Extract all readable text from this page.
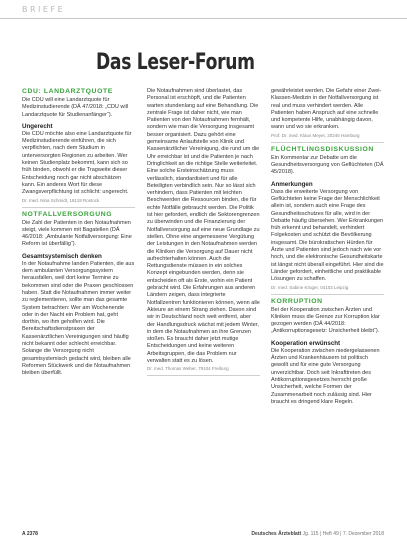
BRIEFE
Das Leser-Forum
CDU: LANDARZTQUOTE

Die CDU will eine Landarztquote für Medizinstudierende (DÄ 47/2018: „CDU will Landarztquote für Studienanfänger“).

Ungerecht

Die CDU möchte also eine Landarztquote für Medizinstudierende einführen, die sich verpflichten, nach dem Studium in unterversorgten Regionen zu arbeiten. Wer keinen Studienplatz bekommt, kann sich so früh binden, obwohl er die Tragweite dieser Entscheidung noch gar nicht abschätzen kann. Ein anderes Wort für diese Zwangsverpflichtung ist schlicht: ungerecht.

Dr. med. Nina Schmidt, 18119 Rostock
NOTFALLVERSORGUNG

Die Zahl der Patienten in den Notaufnahmen steigt, viele kommen mit Bagatellen (DÄ 46/2018: „Ambulante Notfallversorgung: Eine Reform ist überfällig“).

Gesamtsystemisch denken

In der Notaufnahme landen Patienten, die aus dem ambulanten Versorgungssystem herausfallen, weil dort keine Termine zu bekommen sind oder die Praxen geschlossen haben. Statt die Notaufnahmen immer weiter zu reglementieren, sollte man das gesamte System betrachten: Wer am Wochenende oder in der Nacht ein Problem hat, geht dorthin, wo ihm geholfen wird. Die Bereitschaftsdienstpraxen der Kassenärztlichen Vereinigungen sind häufig nicht bekannt oder schlecht erreichbar. Solange die Versorgung nicht gesamtsystemisch gedacht wird, bleiben alle Reformen Stückwerk und die Notaufnahmen bleiben überfüllt.

Die Notaufnahmen sind überlastet, das Personal ist erschöpft, und die Patienten warten stundenlang auf eine Behandlung. Die zentrale Frage ist daher nicht, wie man Patienten von den Notaufnahmen fernhält, sondern wie man die Versorgung insgesamt besser organisiert. Dazu gehört eine gemeinsame Anlaufstelle von Klinik und Kassenärztlicher Vereinigung, die rund um die Uhr erreichbar ist und die Patienten je nach Dringlichkeit an die richtige Stelle weiterleitet. Eine solche Ersteinschätzung muss verlässlich, standardisiert und für alle Beteiligten verbindlich sein. Nur so lässt sich verhindern, dass Patienten mit leichten Beschwerden die Ressourcen binden, die für echte Notfälle gebraucht werden. Die Politik ist hier gefordert, endlich die Sektorengrenzen zu überwinden und die Finanzierung der Notfallversorgung auf eine neue Grundlage zu stellen. Ohne eine angemessene Vergütung der Leistungen in den Notaufnahmen werden die Kliniken die Versorgung auf Dauer nicht aufrechterhalten können. Auch die Rettungsdienste müssen in ein solches Konzept eingebunden werden, denn sie entscheiden oft als Erste, wohin ein Patient gebracht wird. Die Erfahrungen aus anderen Ländern zeigen, dass integrierte Notfallzentren funktionieren können, wenn alle Akteure an einem Strang ziehen. Davon sind wir in Deutschland noch weit entfernt, aber der Handlungsdruck wächst mit jedem Winter, in dem die Notaufnahmen an ihre Grenzen stoßen. Es braucht daher jetzt mutige Entscheidungen und keine weiteren Arbeitsgruppen, die das Problem nur verwalten statt es zu lösen.

Dr. med. Thomas Weber, 79104 Freiburg

gewährleistet werden. Die Gefahr einer Zwei-Klassen-Medizin in der Notfallversorgung ist real und muss verhindert werden. Alle Patienten haben Anspruch auf eine schnelle und kompetente Hilfe, unabhängig davon, wann und wo sie erkranken.

Prof. Dr. med. Klaus Meyer, 20246 Hamburg
FLÜCHTLINGSDISKUSSION

Ein Kommentar zur Debatte um die Gesundheitsversorgung von Geflüchteten (DÄ 45/2018).

Anmerkungen

Dass die erweiterte Versorgung von Geflüchteten keine Frage der Menschlichkeit allein ist, sondern auch eine Frage des Gesundheitsschutzes für alle, wird in der Debatte häufig übersehen. Wer Erkrankungen früh erkennt und behandelt, verhindert Folgekosten und schützt die Bevölkerung insgesamt. Die bürokratischen Hürden für Ärzte und Patienten sind jedoch nach wie vor hoch, und die elektronische Gesundheitskarte ist längst nicht überall eingeführt. Hier sind die Länder gefordert, einheitliche und praktikable Lösungen zu schaffen.

Dr. med. Sabine Krüger, 04103 Leipzig
KORRUPTION

Bei der Kooperation zwischen Ärzten und Kliniken muss die Grenze zur Korruption klar gezogen werden (DÄ 44/2018: „Antikorruptionsgesetz: Unsicherheit bleibt“).

Kooperation erwünscht

Die Kooperation zwischen niedergelassenen Ärzten und Krankenhäusern ist politisch gewollt und für eine gute Versorgung unverzichtbar. Doch seit Inkrafttreten des Antikorruptionsgesetzes herrscht große Unsicherheit, welche Formen der Zusammenarbeit noch zulässig sind. Hier braucht es dringend klare Regeln.

A 2378	Deutsches Ärzteblatt Jg. 115 | Heft 49 | 7. Dezember 2018
